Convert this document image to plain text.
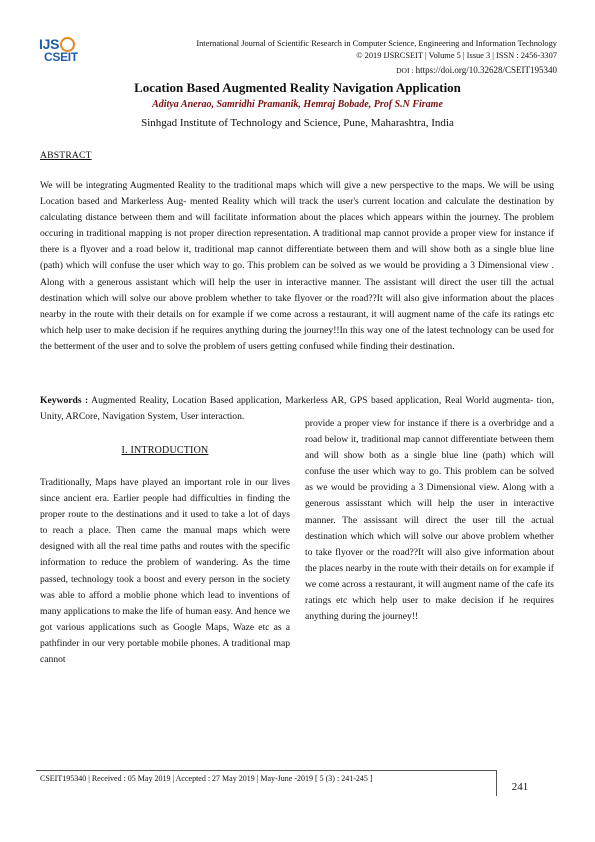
IJS
CSEIT
International Journal of Scientific Research in Computer Science, Engineering and Information Technology
© 2019 IJSRCSEIT | Volume 5 | Issue 3 | ISSN : 2456-3307
DOI : https://doi.org/10.32628/CSEIT195340
Location Based Augmented Reality Navigation Application
Aditya Anerao, Samridhi Pramanik, Hemraj Bobade, Prof S.N Firame
Sinhgad Institute of Technology and Science, Pune, Maharashtra, India
ABSTRACT

We will be integrating Augmented Reality to the traditional maps which will give a new perspective to the maps. We will be using Location based and Markerless Aug- mented Reality which will track the user's current location and calculate the destination by calculating distance between them and will facilitate information about the places which appears within the journey. The problem occuring in traditional mapping is not proper direction representation. A traditional map cannot provide a proper view for instance if there is a flyover and a road below it, traditional map cannot differentiate between them and will show both as a single blue line (path) which will confuse the user which way to go. This problem can be solved as we would be providing a 3 Dimensional view . Along with a generous assistant which will help the user in interactive manner. The assistant will direct the user till the actual destination which will solve our above problem whether to take flyover or the road??It will also give information about the places nearby in the route with their details on for example if we come across a restaurant, it will augment name of the cafe its ratings etc which help user to make decision if he requires anything during the journey!!In this way one of the latest technology can be used for the betterment of the user and to solve the problem of users getting confused while finding their destination.

Keywords : Augmented Reality, Location Based application, Markerless AR, GPS based application, Real World augmenta- tion, Unity, ARCore, Navigation System, User interaction.

I. INTRODUCTION

Traditionally, Maps have played an important role in our lives since ancient era. Earlier people had difficulties in finding the proper route to the destinations and it used to take a lot of days to reach a place. Then came the manual maps which were designed with all the real time paths and routes with the specific information to reduce the problem of wandering. As the time passed, technology took a boost and every person in the society was able to afford a moblie phone which lead to inventions of many applications to make the life of human easy. And hence we got various applications such as Google Maps, Waze etc as a pathfinder in our very portable mobile phones. A traditional map cannot

provide a proper view for instance if there is a overbridge and a road below it, traditional map cannot differentiate between them and will show both as a single blue line (path) which will confuse the user which way to go. This problem can be solved as we would be providing a 3 Dimensional view. Along with a generous assisstant which will help the user in interactive manner. The assissant will direct the user till the actual destination which which will solve our above problem whether to take flyover or the road??It will also give information about the places nearby in the route with their details on for example if we come across a restaurant, it will augment name of the cafe its ratings etc which help user to make decision if he requires anything during the journey!!

CSEIT195340 | Received : 05 May 2019 | Accepted : 27 May 2019 | May-June -2019 [ 5 (3) : 241-245 ]
241
